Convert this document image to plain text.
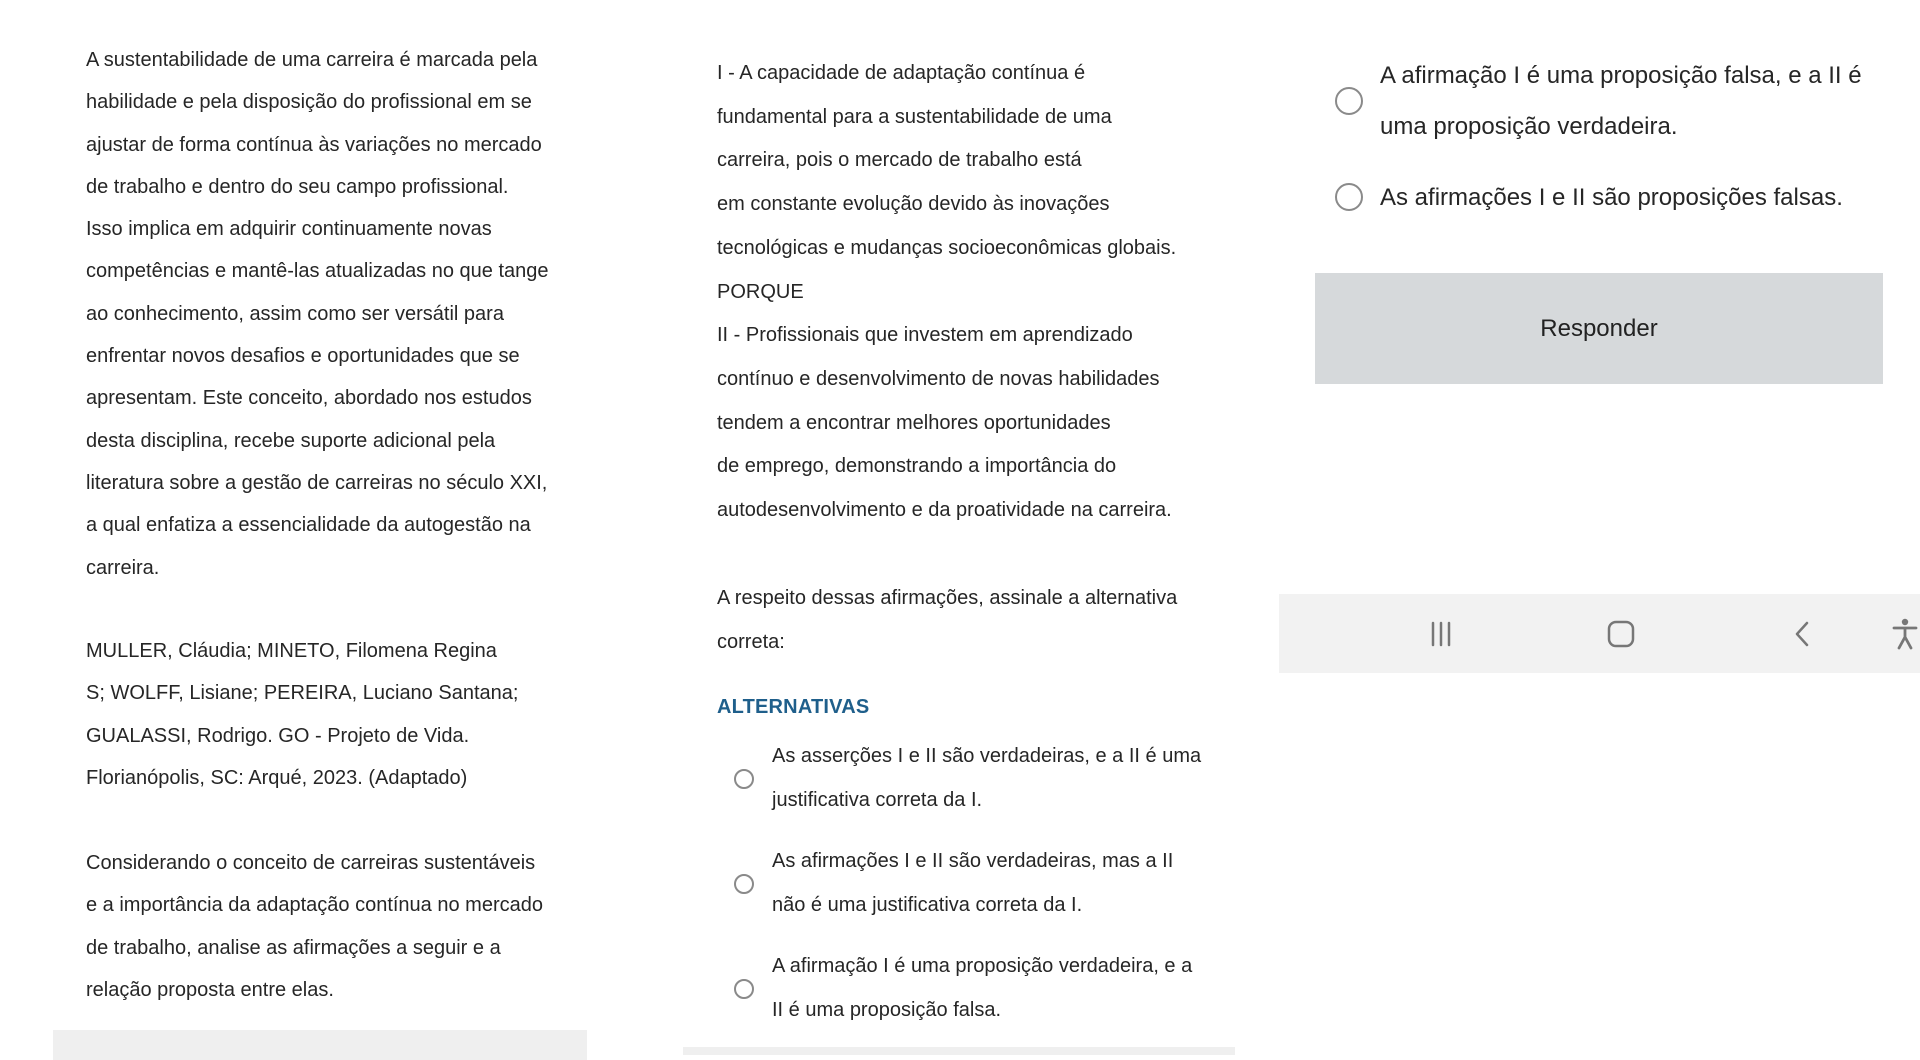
A sustentabilidade de uma carreira é marcada pela

habilidade e pela disposição do profissional em se

ajustar de forma contínua às variações no mercado

de trabalho e dentro do seu campo profissional.

Isso implica em adquirir continuamente novas

competências e mantê-las atualizadas no que tange

ao conhecimento, assim como ser versátil para

enfrentar novos desafios e oportunidades que se

apresentam. Este conceito, abordado nos estudos

desta disciplina, recebe suporte adicional pela

literatura sobre a gestão de carreiras no século XXI,

a qual enfatiza a essencialidade da autogestão na

carreira.

MULLER, Cláudia; MINETO, Filomena Regina

S; WOLFF, Lisiane; PEREIRA, Luciano Santana;

GUALASSI, Rodrigo. GO - Projeto de Vida.

Florianópolis, SC: Arqué, 2023. (Adaptado)

Considerando o conceito de carreiras sustentáveis

e a importância da adaptação contínua no mercado

de trabalho, analise as afirmações a seguir e a

relação proposta entre elas.

I - A capacidade de adaptação contínua é

fundamental para a sustentabilidade de uma

carreira, pois o mercado de trabalho está

em constante evolução devido às inovações

tecnológicas e mudanças socioeconômicas globais.

PORQUE

II - Profissionais que investem em aprendizado

contínuo e desenvolvimento de novas habilidades

tendem a encontrar melhores oportunidades

de emprego, demonstrando a importância do

autodesenvolvimento e da proatividade na carreira.

A respeito dessas afirmações, assinale a alternativa

correta:

ALTERNATIVAS
As asserções I e II são verdadeiras, e a II é uma
justificativa correta da I.
As afirmações I e II são verdadeiras, mas a II
não é uma justificativa correta da I.
A afirmação I é uma proposição verdadeira, e a
II é uma proposição falsa.
A afirmação I é uma proposição falsa, e a II é
uma proposição verdadeira.
As afirmações I e II são proposições falsas.
Responder
